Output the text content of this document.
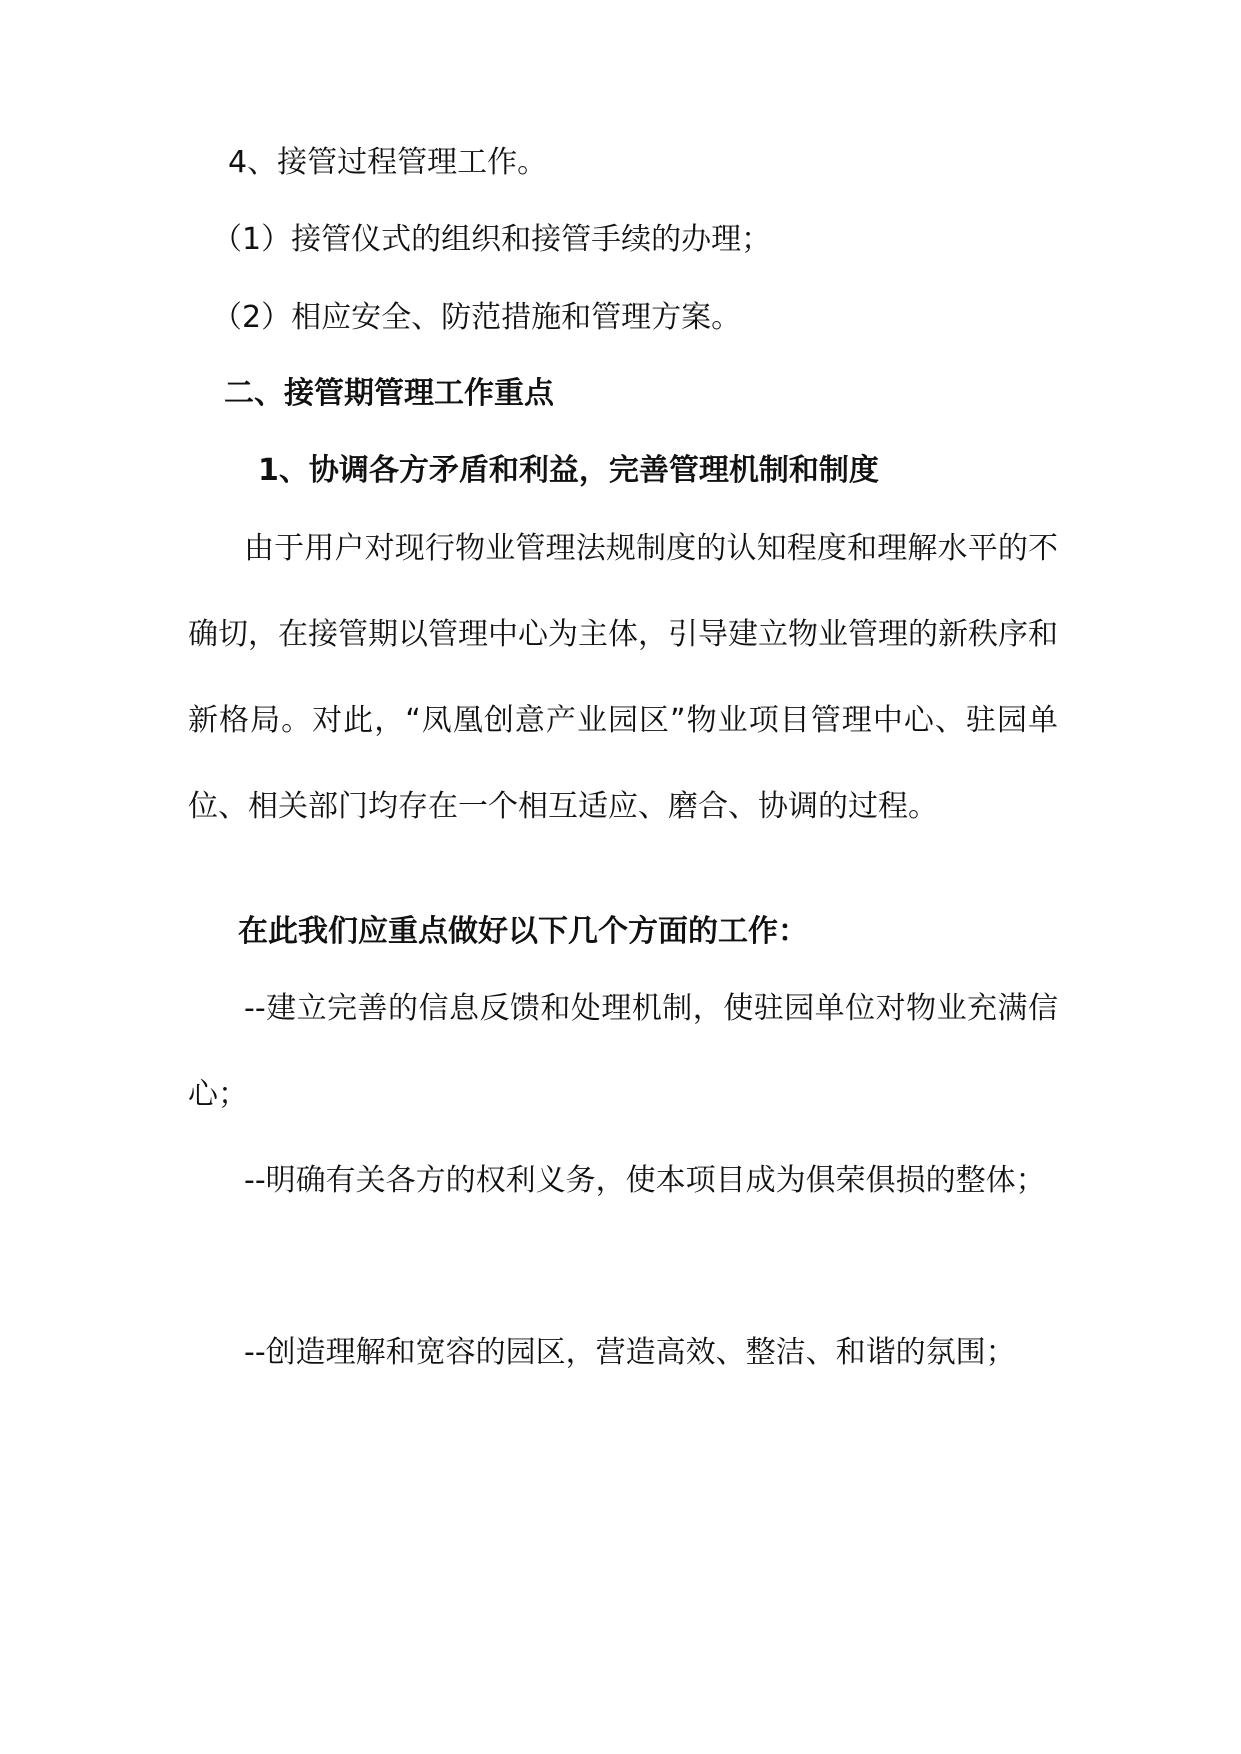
4、接管过程管理工作。
（1）接管仪式的组织和接管手续的办理；
（2）相应安全、防范措施和管理方案。
二、接管期管理工作重点
1、协调各方矛盾和利益，完善管理机制和制度
由于用户对现行物业管理法规制度的认知程度和理解水平的不确切，在接管期以管理中心为主体，引导建立物业管理的新秩序和新格局。对此，“凤凰创意产业园区”物业项目管理中心、驻园单位、相关部门均存在一个相互适应、磨合、协调的过程。
在此我们应重点做好以下几个方面的工作：
--建立完善的信息反馈和处理机制，使驻园单位对物业充满信心；
--明确有关各方的权利义务，使本项目成为俱荣俱损的整体；
--创造理解和宽容的园区，营造高效、整洁、和谐的氛围；
